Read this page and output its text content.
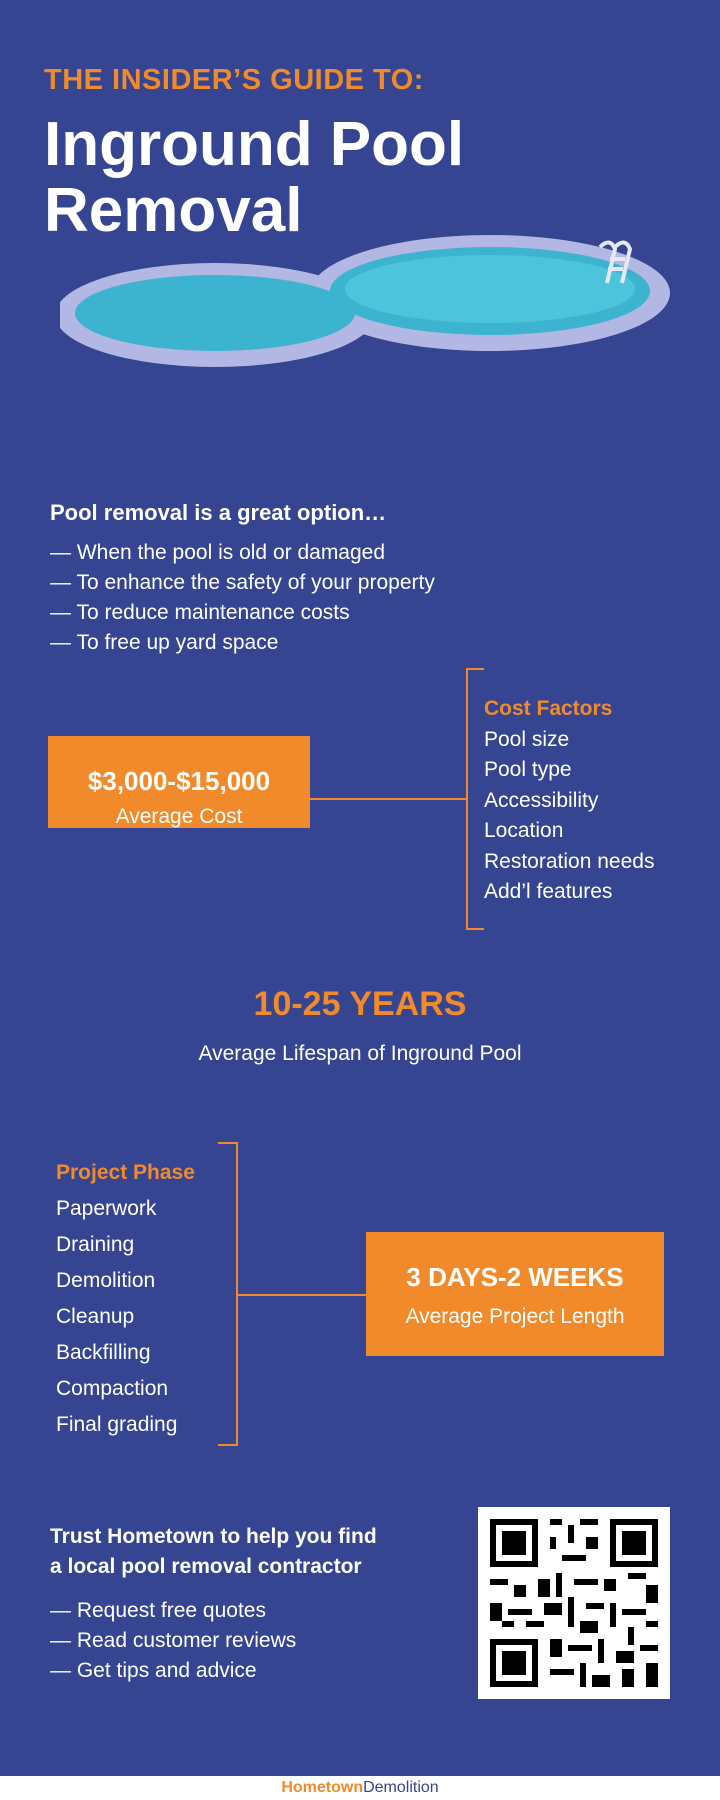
THE INSIDER’S GUIDE TO:
Inground Pool
Removal
Pool removal is a great option…
— When the pool is old or damaged
— To enhance the safety of your property
— To reduce maintenance costs
— To free up yard space
$3,000-$15,000
Average Cost
Cost Factors
Pool size
Pool type
Accessibility
Location
Restoration needs
Add’l features
10-25 YEARS
Average Lifespan of Inground Pool
Project Phase
Paperwork
Draining
Demolition
Cleanup
Backfilling
Compaction
Final grading
3 DAYS-2 WEEKS
Average Project Length
Trust Hometown to help you find
a local pool removal contractor
— Request free quotes
— Read customer reviews
— Get tips and advice
HometownDemolition
